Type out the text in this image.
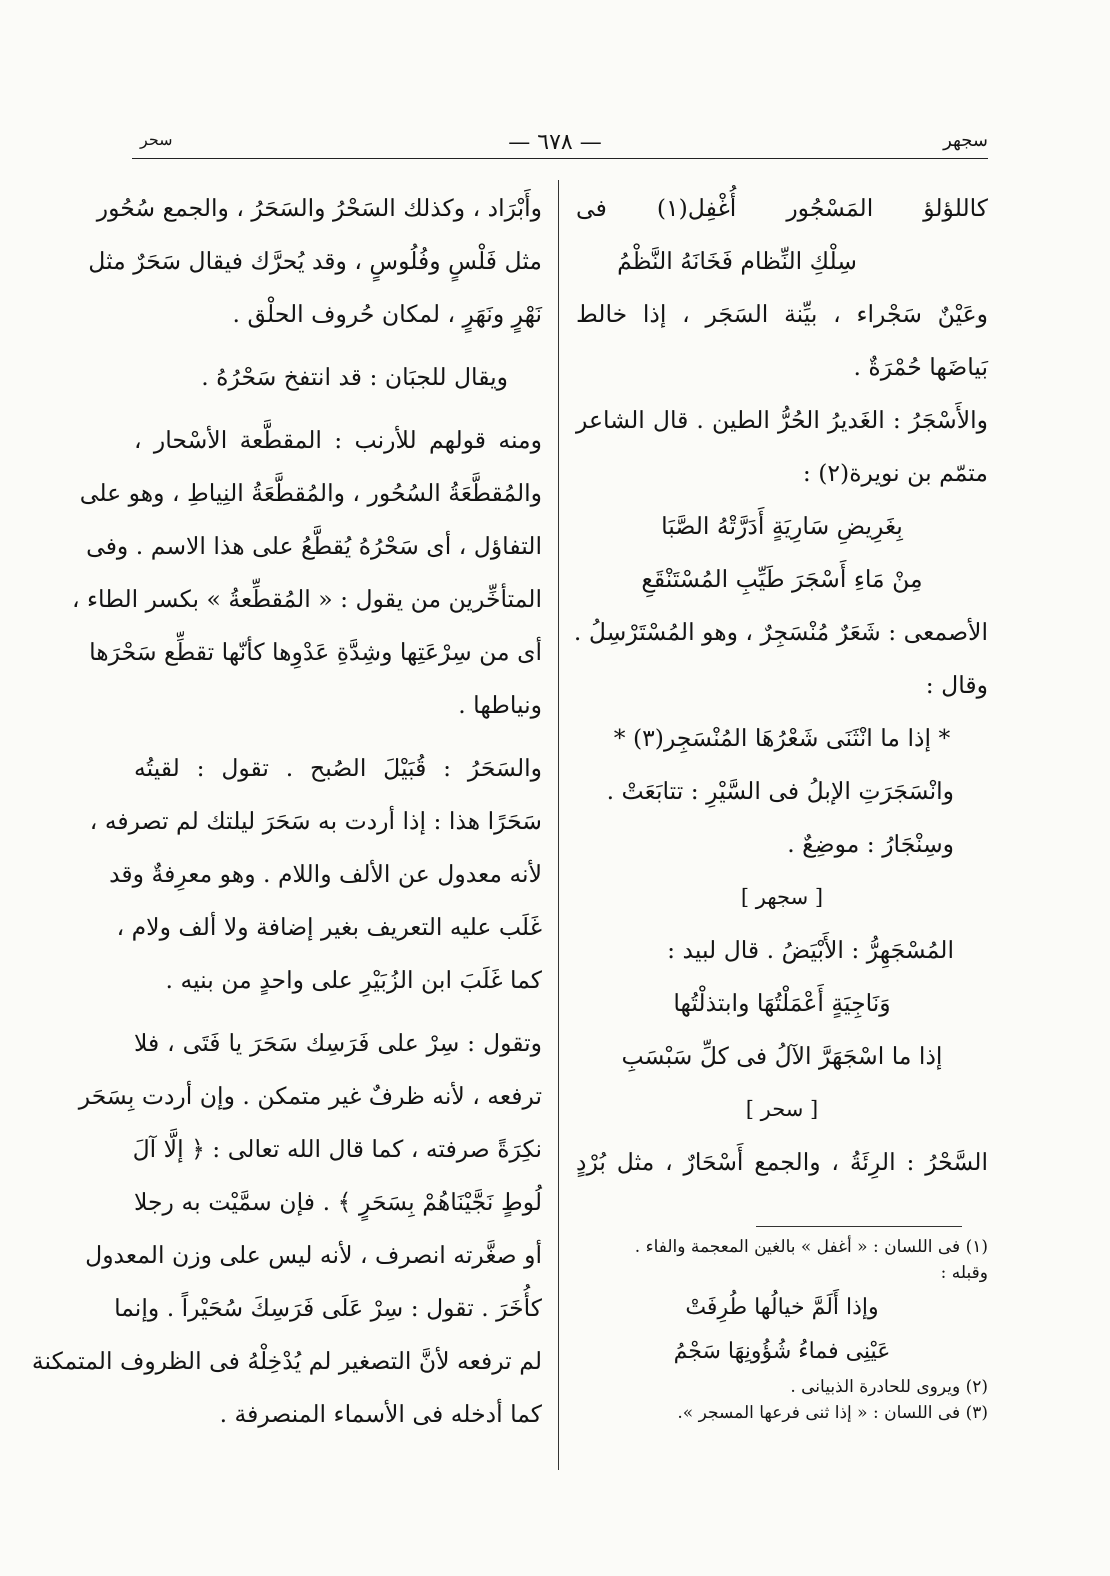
سجهر
— ٦٧٨ —
سحر
كاللؤلؤ المَسْجُور أُغْفِل(١) فى
سِلْكِ النِّظام فَخَانَهُ النَّظْمُ
وعَيْنٌ سَجْراء ، بيِّنة السَجَر ، إذا خالط
بَياضَها حُمْرَةٌ .
والأَسْجَرُ : الغَديرُ الحُرُّ الطين . قال الشاعر
متمّم بن نويرة(٢) :
بِغَرِيضِ سَارِيَةٍ أَدَرَّتْهُ الصَّبَا
مِنْ مَاءِ أَسْجَرَ طَيِّبِ المُسْتَنْقَعِ
الأصمعى : شَعَرٌ مُنْسَجِرٌ ، وهو المُسْتَرْسِلُ .
وقال :
* إذا ما انْثَنَى شَعْرُهَا المُنْسَجِر(٣) *
وانْسَجَرَتِ الإبلُ فى السَّيْرِ : تتابَعَتْ .
وسِنْجَارُ : موضِعٌ .
[ سجهر ]
المُسْجَهِرُّ : الأَبْيَضُ . قال لبيد :
وَنَاجِيَةٍ أَعْمَلْتُهَا وابتذلْتُها
إذا ما اسْجَهَرَّ الآلُ فى كلِّ سَبْسَبِ
[ سحر ]
السَّحْرُ : الرِئَةُ ، والجمع أَسْحَارٌ ، مثل بُرْدٍ
(١) فى اللسان : « أغفل » بالغين المعجمة والفاء .
وقبله :
وإذا أَلَمَّ خيالُها طُرِفَتْ
عَيْنِى فماءُ شُؤُونِهَا سَجْمُ
(٢) ويروى للحادرة الذبيانى .
(٣) فى اللسان : « إذا ثنى فرعها المسجر ».
وأَبْرَاد ، وكذلك السَحْرُ والسَحَرُ ، والجمع سُحُور
مثل فَلْسٍ وفُلُوسٍ ، وقد يُحرَّك فيقال سَحَرٌ مثل
نَهْرٍ ونَهَرٍ ، لمكان حُروف الحلْق .
ويقال للجبَان : قد انتفخ سَحْرُهُ .
ومنه قولهم للأرنب : المقطَّعة الأسْحار ،
والمُقطَّعَةُ السُحُور ، والمُقطَّعَةُ النِياطِ ، وهو على
التفاؤل ، أى سَحْرُهُ يُقطَّعُ على هذا الاسم . وفى
المتأخِّرين من يقول : « المُقطِّعةُ » بكسر الطاء ،
أى من سِرْعَتِها وشِدَّةِ عَدْوِها كأنّها تقطِّع سَحْرَها
ونياطها .
والسَحَرُ : قُبَيْلَ الصُبح . تقول : لقيتُه
سَحَرًا هذا : إذا أردت به سَحَرَ ليلتك لم تصرفه ،
لأنه معدول عن الألف واللام . وهو معرِفةٌ وقد
غَلَب عليه التعريف بغير إضافة ولا ألف ولام ،
كما غَلَبَ ابن الزُبَيْرِ على واحدٍ من بنيه .
وتقول : سِرْ على فَرَسِك سَحَرَ يا فَتَى ، فلا
ترفعه ، لأنه ظرفٌ غير متمكن . وإن أردت بِسَحَر
نكِرَةً صرفته ، كما قال الله تعالى : ﴿ إلَّا آلَ
لُوطٍ نَجَّيْنَاهُمْ بِسَحَرٍ ﴾ . فإن سمَّيْت به رجلا
أو صغَّرته انصرف ، لأنه ليس على وزن المعدول
كأُخَرَ . تقول : سِرْ عَلَى فَرَسِكَ سُحَيْراً . وإنما
لم ترفعه لأنَّ التصغير لم يُدْخِلْهُ فى الظروف المتمكنة
كما أدخله فى الأسماء المنصرفة .
